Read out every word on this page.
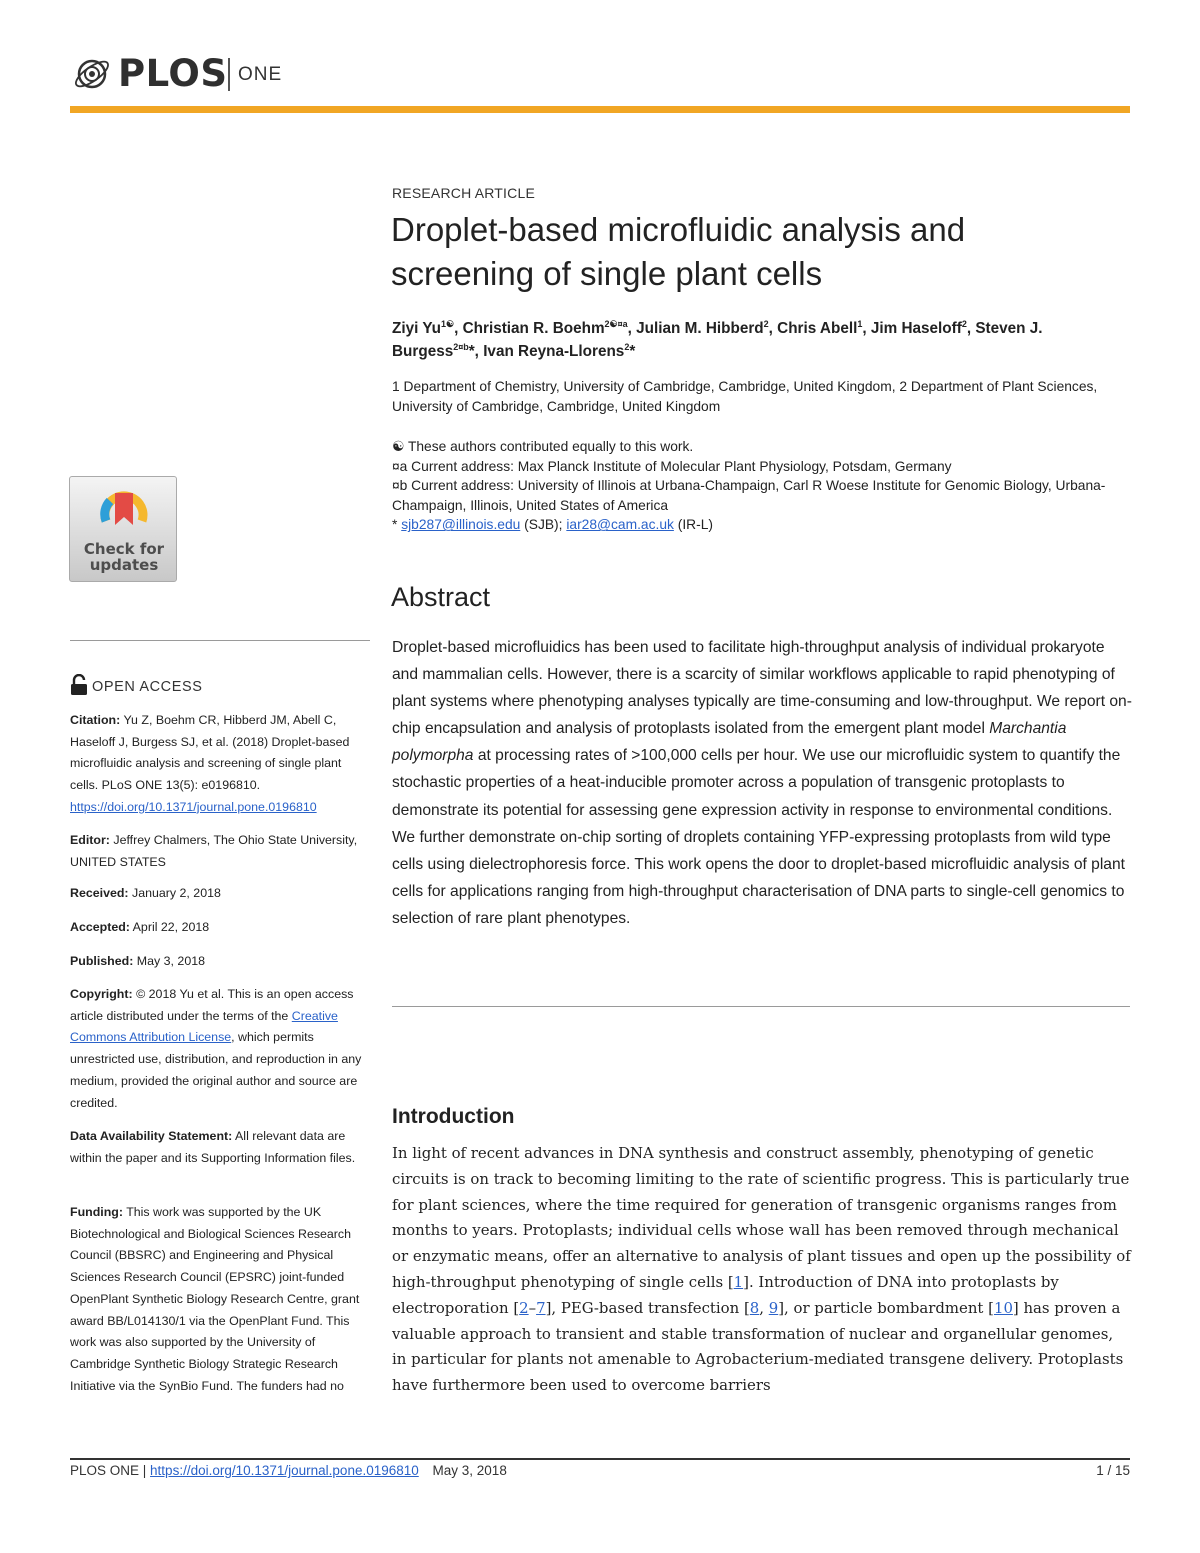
PLOS ONE
Check for updates
OPEN ACCESS
Citation: Yu Z, Boehm CR, Hibberd JM, Abell C, Haseloff J, Burgess SJ, et al. (2018) Droplet-based microfluidic analysis and screening of single plant cells. PLoS ONE 13(5): e0196810. https://doi.org/10.1371/journal.pone.0196810
Editor: Jeffrey Chalmers, The Ohio State University, UNITED STATES
Received: January 2, 2018
Accepted: April 22, 2018
Published: May 3, 2018
Copyright: © 2018 Yu et al. This is an open access article distributed under the terms of the Creative Commons Attribution License, which permits unrestricted use, distribution, and reproduction in any medium, provided the original author and source are credited.
Data Availability Statement: All relevant data are within the paper and its Supporting Information files.
Funding: This work was supported by the UK Biotechnological and Biological Sciences Research Council (BBSRC) and Engineering and Physical Sciences Research Council (EPSRC) joint-funded OpenPlant Synthetic Biology Research Centre, grant award BB/L014130/1 via the OpenPlant Fund. This work was also supported by the University of Cambridge Synthetic Biology Strategic Research Initiative via the SynBio Fund. The funders had no
RESEARCH ARTICLE
Droplet-based microfluidic analysis and screening of single plant cells
Ziyi $Yu^{1☯}$, Christian R. Boehm$^{2☯¤a}$, Julian M. Hibberd$^2$, Chris Abell$^1$, Jim Haseloff$^2$, Steven J. Burgess$^{2¤b}$*, Ivan Reyna-Llorens$^2$*
1 Department of Chemistry, University of Cambridge, Cambridge, United Kingdom, 2 Department of Plant Sciences, University of Cambridge, Cambridge, United Kingdom
☯ These authors contributed equally to this work.
¤a Current address: Max Planck Institute of Molecular Plant Physiology, Potsdam, Germany
¤b Current address: University of Illinois at Urbana-Champaign, Carl R Woese Institute for Genomic Biology, Urbana-Champaign, Illinois, United States of America
* sjb287@illinois.edu (SJB); iar28@cam.ac.uk (IR-L)
Abstract
Droplet-based microfluidics has been used to facilitate high-throughput analysis of individual prokaryote and mammalian cells. However, there is a scarcity of similar workflows applicable to rapid phenotyping of plant systems where phenotyping analyses typically are time-consuming and low-throughput. We report on-chip encapsulation and analysis of protoplasts isolated from the emergent plant model Marchantia polymorpha at processing rates of >100,000 cells per hour. We use our microfluidic system to quantify the stochastic properties of a heat-inducible promoter across a population of transgenic protoplasts to demonstrate its potential for assessing gene expression activity in response to environmental conditions. We further demonstrate on-chip sorting of droplets containing YFP-expressing protoplasts from wild type cells using dielectrophoresis force. This work opens the door to droplet-based microfluidic analysis of plant cells for applications ranging from high-throughput characterisation of DNA parts to single-cell genomics to selection of rare plant phenotypes.
Introduction
In light of recent advances in DNA synthesis and construct assembly, phenotyping of genetic circuits is on track to becoming limiting to the rate of scientific progress. This is particularly true for plant sciences, where the time required for generation of transgenic organisms ranges from months to years. Protoplasts; individual cells whose wall has been removed through mechanical or enzymatic means, offer an alternative to analysis of plant tissues and open up the possibility of high-throughput phenotyping of single cells [1]. Introduction of DNA into protoplasts by electroporation [2–7], PEG-based transfection [8, 9], or particle bombardment [10] has proven a valuable approach to transient and stable transformation of nuclear and organellular genomes, in particular for plants not amenable to Agrobacterium-mediated transgene delivery. Protoplasts have furthermore been used to overcome barriers
PLOS ONE | https://doi.org/10.1371/journal.pone.0196810 May 3, 2018	1 / 15
